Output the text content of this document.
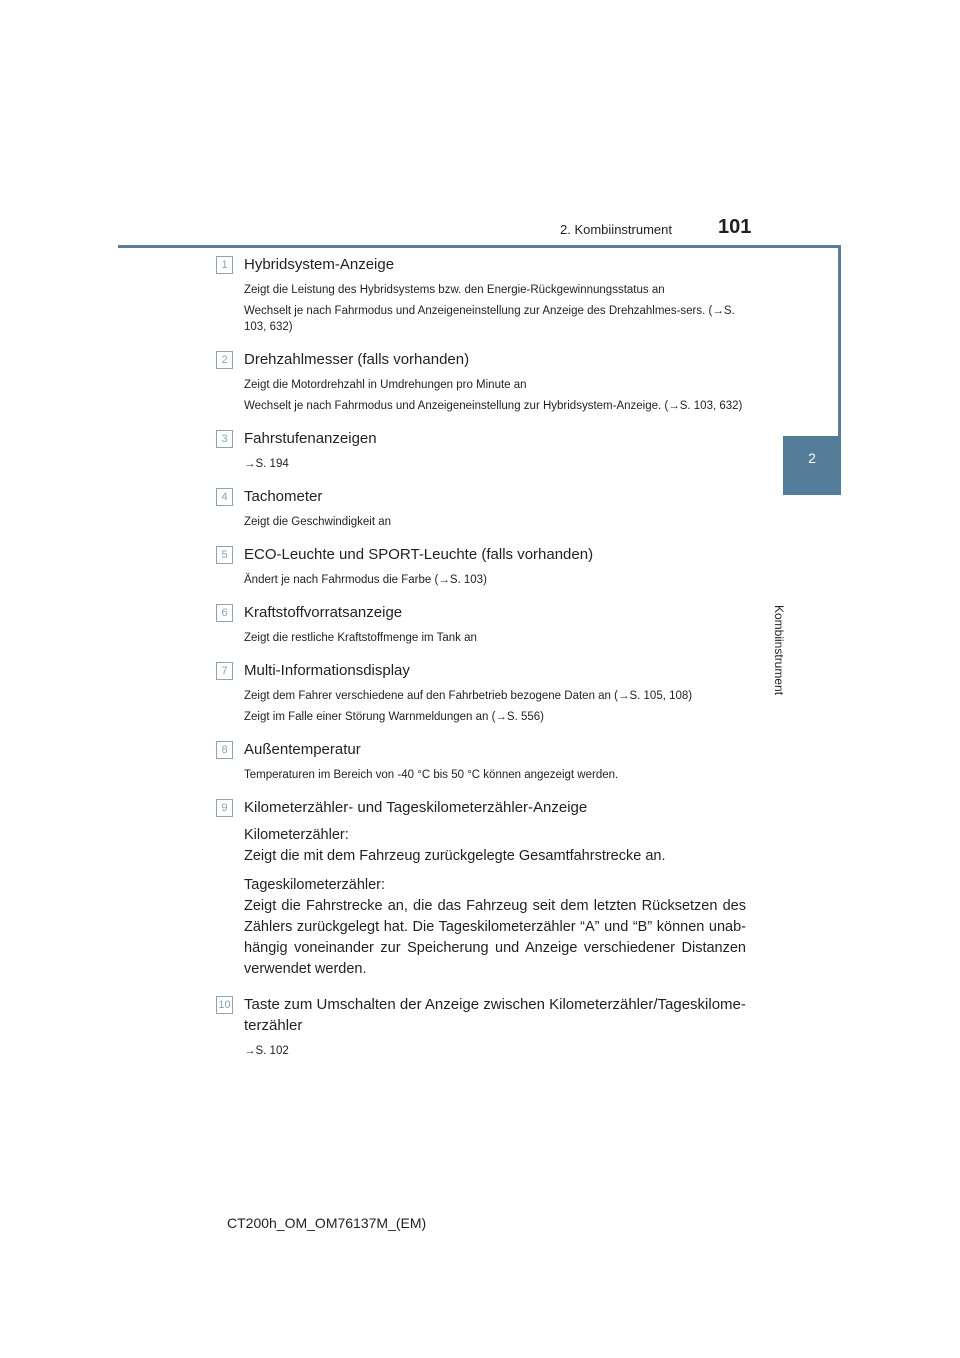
2. Kombiinstrument 101
2
Kombiinstrument
1	Hybridsystem-Anzeige

Zeigt die Leistung des Hybridsystems bzw. den Energie-Rückgewinnungsstatus an

Wechselt je nach Fahrmodus und Anzeigeneinstellung zur Anzeige des Drehzahlmes-sers. (→S. 103, 632)

2	Drehzahlmesser (falls vorhanden)

Zeigt die Motordrehzahl in Umdrehungen pro Minute an

Wechselt je nach Fahrmodus und Anzeigeneinstellung zur Hybridsystem-Anzeige. (→S. 103, 632)

3	Fahrstufenanzeigen

→S. 194

4	Tachometer

Zeigt die Geschwindigkeit an

5	ECO-Leuchte und SPORT-Leuchte (falls vorhanden)

Ändert je nach Fahrmodus die Farbe (→S. 103)

6	Kraftstoffvorratsanzeige

Zeigt die restliche Kraftstoffmenge im Tank an

7	Multi-Informationsdisplay

Zeigt dem Fahrer verschiedene auf den Fahrbetrieb bezogene Daten an (→S. 105, 108)

Zeigt im Falle einer Störung Warnmeldungen an (→S. 556)

8	Außentemperatur

Temperaturen im Bereich von -40 °C bis 50 °C können angezeigt werden.

9	Kilometerzähler- und Tageskilometerzähler-Anzeige

Kilometerzähler:
Zeigt die mit dem Fahrzeug zurückgelegte Gesamtfahrstrecke an.

Tageskilometerzähler:
Zeigt die Fahrstrecke an, die das Fahrzeug seit dem letzten Rücksetzen des Zählers zurückgelegt hat. Die Tageskilometerzähler “A” und “B” können unab-hängig voneinander zur Speicherung und Anzeige verschiedener Distanzen verwendet werden.

10 Taste zum Umschalten der Anzeige zwischen Kilometerzähler/Tageskilome-terzähler

→S. 102

CT200h_OM_OM76137M_(EM)
